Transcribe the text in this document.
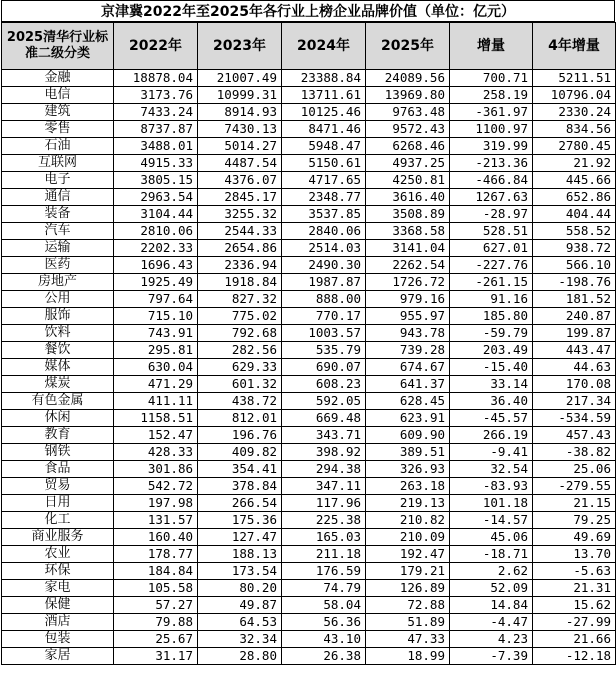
京津冀2022年至2025年各行业上榜企业品牌价值（单位：亿元）
2025清华行业标准二级分类	2022年	2023年	2024年	2025年	增量	4年增量
金融	18878.04	21007.49	23388.84	24089.56	700.71	5211.51
电信	3173.76	10999.31	13711.61	13969.80	258.19	10796.04
建筑	7433.24	8914.93	10125.46	9763.48	-361.97	2330.24
零售	8737.87	7430.13	8471.46	9572.43	1100.97	834.56
石油	3488.01	5014.27	5948.47	6268.46	319.99	2780.45
互联网	4915.33	4487.54	5150.61	4937.25	-213.36	21.92
电子	3805.15	4376.07	4717.65	4250.81	-466.84	445.66
通信	2963.54	2845.17	2348.77	3616.40	1267.63	652.86
装备	3104.44	3255.32	3537.85	3508.89	-28.97	404.44
汽车	2810.06	2544.33	2840.06	3368.58	528.51	558.52
运输	2202.33	2654.86	2514.03	3141.04	627.01	938.72
医药	1696.43	2336.94	2490.30	2262.54	-227.76	566.10
房地产	1925.49	1918.84	1987.87	1726.72	-261.15	-198.76
公用	797.64	827.32	888.00	979.16	91.16	181.52
服饰	715.10	775.02	770.17	955.97	185.80	240.87
饮料	743.91	792.68	1003.57	943.78	-59.79	199.87
餐饮	295.81	282.56	535.79	739.28	203.49	443.47
媒体	630.04	629.33	690.07	674.67	-15.40	44.63
煤炭	471.29	601.32	608.23	641.37	33.14	170.08
有色金属	411.11	438.72	592.05	628.45	36.40	217.34
休闲	1158.51	812.01	669.48	623.91	-45.57	-534.59
教育	152.47	196.76	343.71	609.90	266.19	457.43
钢铁	428.33	409.82	398.92	389.51	-9.41	-38.82
食品	301.86	354.41	294.38	326.93	32.54	25.06
贸易	542.72	378.84	347.11	263.18	-83.93	-279.55
日用	197.98	266.54	117.96	219.13	101.18	21.15
化工	131.57	175.36	225.38	210.82	-14.57	79.25
商业服务	160.40	127.47	165.03	210.09	45.06	49.69
农业	178.77	188.13	211.18	192.47	-18.71	13.70
环保	184.84	173.54	176.59	179.21	2.62	-5.63
家电	105.58	80.20	74.79	126.89	52.09	21.31
保健	57.27	49.87	58.04	72.88	14.84	15.62
酒店	79.88	64.53	56.36	51.89	-4.47	-27.99
包装	25.67	32.34	43.10	47.33	4.23	21.66
家居	31.17	28.80	26.38	18.99	-7.39	-12.18
